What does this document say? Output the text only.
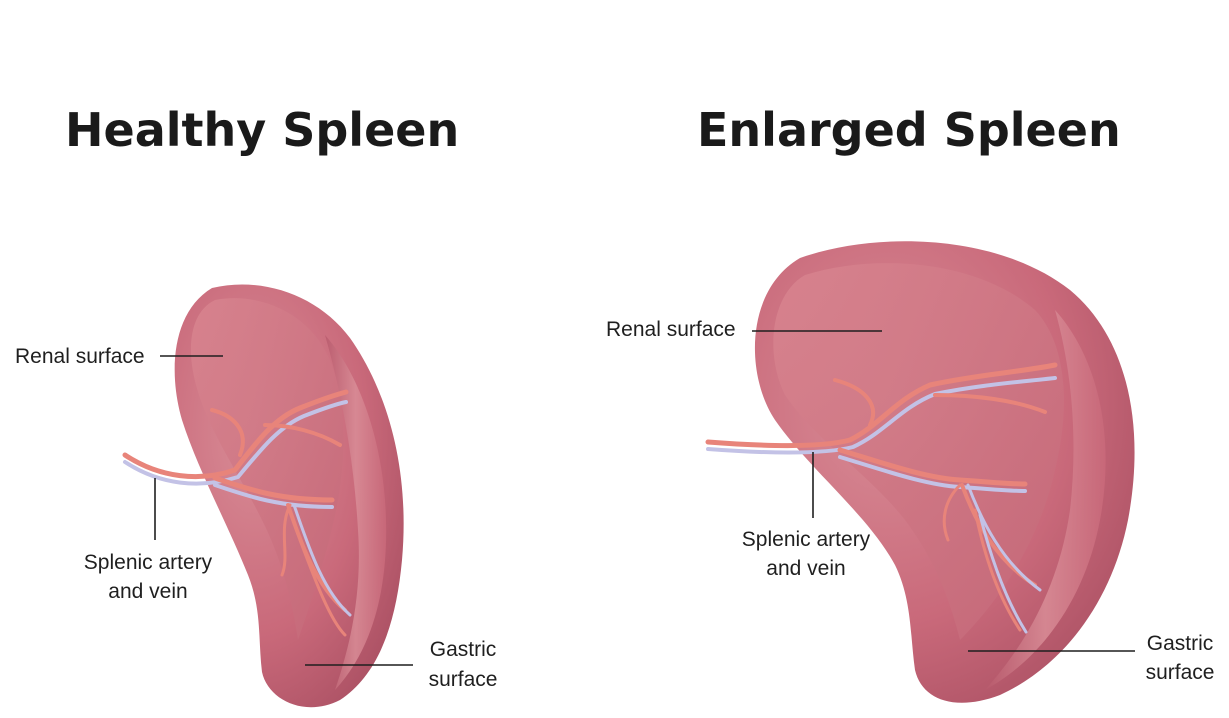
Healthy Spleen
Renal surface
Splenic artery
and vein
Gastric
surface
Enlarged Spleen
Renal surface
Splenic artery
and vein
Gastric
surface
